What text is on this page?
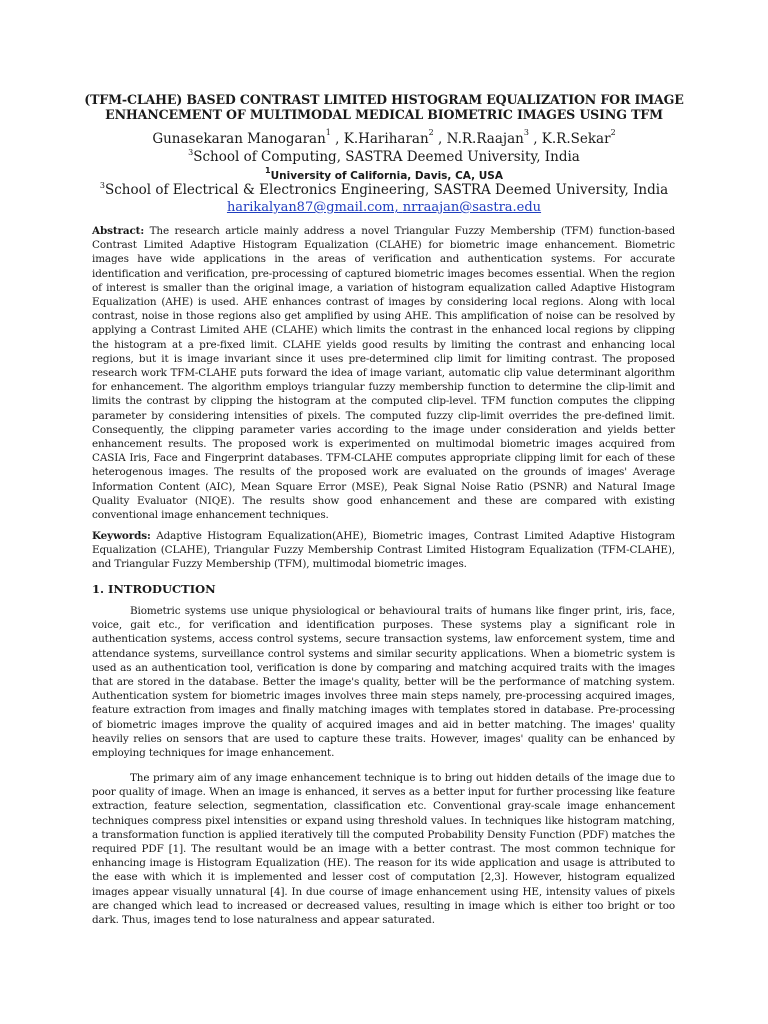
(TFM-CLAHE) BASED CONTRAST LIMITED HISTOGRAM EQUALIZATION FOR IMAGE
ENHANCEMENT OF MULTIMODAL MEDICAL BIOMETRIC IMAGES USING TFM
Gunasekaran Manogaran$^1$ , K.Hariharan$^2$ , N.R.Raajan$^3$ , K.R.Sekar$^2$
$^3$School of Computing, SASTRA Deemed University, India
$^1$University of California, Davis, CA, USA
$^3$School of Electrical & Electronics Engineering, SASTRA Deemed University, India
harikalyan87@gmail.com, nrraajan@sastra.edu
Abstract: The research article mainly address a novel Triangular Fuzzy Membership (TFM) function-based Contrast Limited Adaptive Histogram Equalization (CLAHE) for biometric image enhancement. Biometric images have wide applications in the areas of verification and authentication systems. For accurate identification and verification, pre-processing of captured biometric images becomes essential. When the region of interest is smaller than the original image, a variation of histogram equalization called Adaptive Histogram Equalization (AHE) is used. AHE enhances contrast of images by considering local regions. Along with local contrast, noise in those regions also get amplified by using AHE. This amplification of noise can be resolved by applying a Contrast Limited AHE (CLAHE) which limits the contrast in the enhanced local regions by clipping the histogram at a pre-fixed limit. CLAHE yields good results by limiting the contrast and enhancing local regions, but it is image invariant since it uses pre-determined clip limit for limiting contrast. The proposed research work TFM-CLAHE puts forward the idea of image variant, automatic clip value determinant algorithm for enhancement. The algorithm employs triangular fuzzy membership function to determine the clip-limit and limits the contrast by clipping the histogram at the computed clip-level. TFM function computes the clipping parameter by considering intensities of pixels. The computed fuzzy clip-limit overrides the pre-defined limit. Consequently, the clipping parameter varies according to the image under consideration and yields better enhancement results. The proposed work is experimented on multimodal biometric images acquired from CASIA Iris, Face and Fingerprint databases. TFM-CLAHE computes appropriate clipping limit for each of these heterogenous images. The results of the proposed work are evaluated on the grounds of images' Average Information Content (AIC), Mean Square Error (MSE), Peak Signal Noise Ratio (PSNR) and Natural Image Quality Evaluator (NIQE). The results show good enhancement and these are compared with existing conventional image enhancement techniques.
Keywords: Adaptive Histogram Equalization(AHE), Biometric images, Contrast Limited Adaptive Histogram Equalization (CLAHE), Triangular Fuzzy Membership Contrast Limited Histogram Equalization (TFM-CLAHE), and Triangular Fuzzy Membership (TFM), multimodal biometric images.
1. INTRODUCTION
Biometric systems use unique physiological or behavioural traits of humans like finger print, iris, face, voice, gait etc., for verification and identification purposes. These systems play a significant role in authentication systems, access control systems, secure transaction systems, law enforcement system, time and attendance systems, surveillance control systems and similar security applications. When a biometric system is used as an authentication tool, verification is done by comparing and matching acquired traits with the images that are stored in the database. Better the image's quality, better will be the performance of matching system. Authentication system for biometric images involves three main steps namely, pre-processing acquired images, feature extraction from images and finally matching images with templates stored in database. Pre-processing of biometric images improve the quality of acquired images and aid in better matching. The images' quality heavily relies on sensors that are used to capture these traits. However, images' quality can be enhanced by employing techniques for image enhancement.
The primary aim of any image enhancement technique is to bring out hidden details of the image due to poor quality of image. When an image is enhanced, it serves as a better input for further processing like feature extraction, feature selection, segmentation, classification etc. Conventional gray-scale image enhancement techniques compress pixel intensities or expand using threshold values. In techniques like histogram matching, a transformation function is applied iteratively till the computed Probability Density Function (PDF) matches the required PDF [1]. The resultant would be an image with a better contrast. The most common technique for enhancing image is Histogram Equalization (HE). The reason for its wide application and usage is attributed to the ease with which it is implemented and lesser cost of computation [2,3]. However, histogram equalized images appear visually unnatural [4]. In due course of image enhancement using HE, intensity values of pixels are changed which lead to increased or decreased values, resulting in image which is either too bright or too dark. Thus, images tend to lose naturalness and appear saturated.
